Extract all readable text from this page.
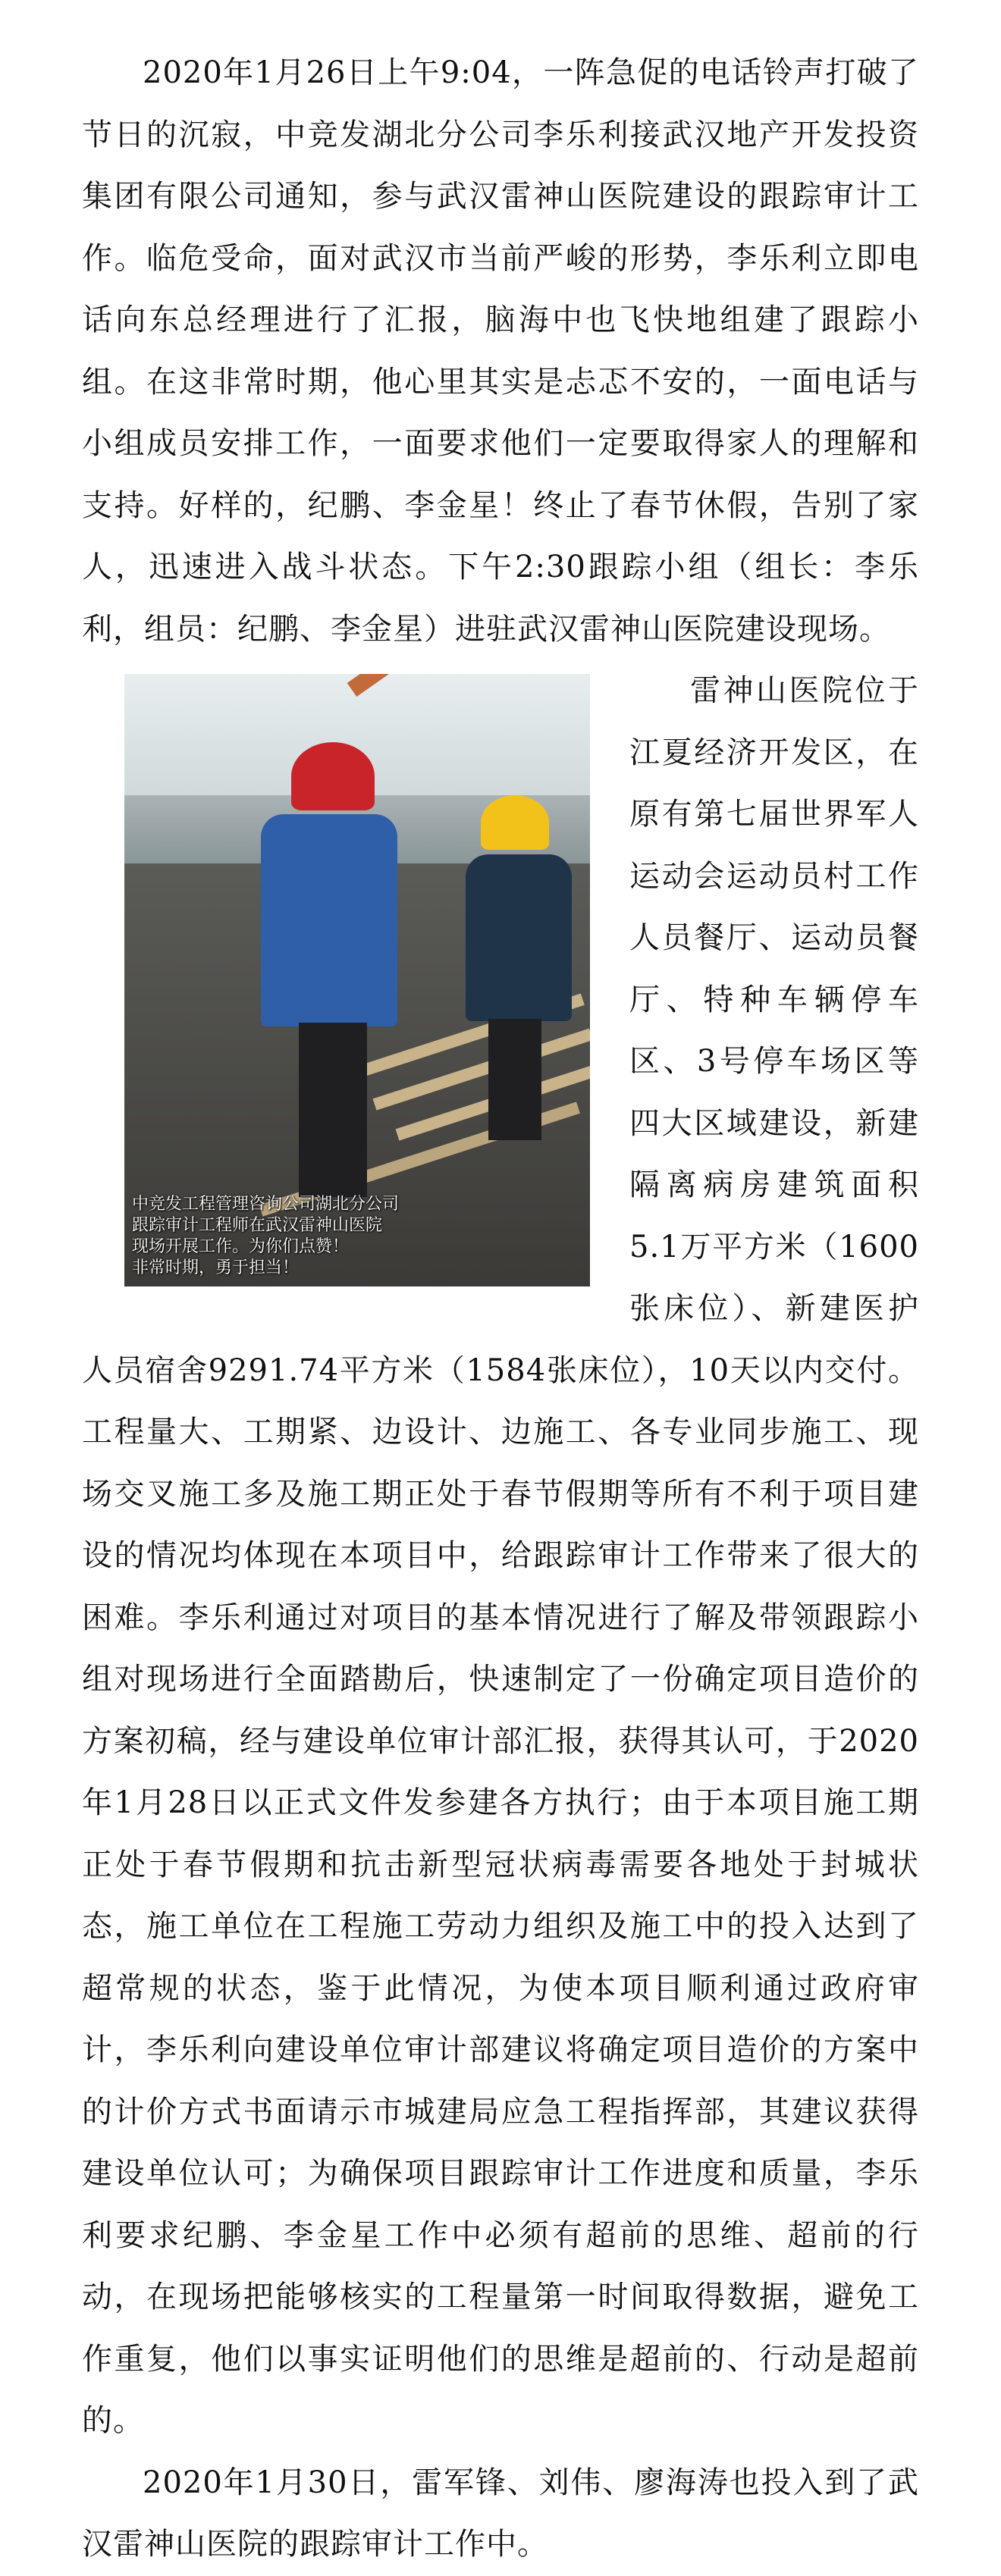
2020年1月26日上午9:04，一阵急促的电话铃声打破了节日的沉寂，中竞发湖北分公司李乐利接武汉地产开发投资集团有限公司通知，参与武汉雷神山医院建设的跟踪审计工作。临危受命，面对武汉市当前严峻的形势，李乐利立即电话向东总经理进行了汇报，脑海中也飞快地组建了跟踪小组。在这非常时期，他心里其实是忐忑不安的，一面电话与小组成员安排工作，一面要求他们一定要取得家人的理解和支持。好样的，纪鹏、李金星！终止了春节休假，告别了家人，迅速进入战斗状态。下午2:30跟踪小组（组长：李乐利，组员：纪鹏、李金星）进驻武汉雷神山医院建设现场。

中竞发工程管理咨询公司湖北分公司
跟踪审计工程师在武汉雷神山医院
现场开展工作。为你们点赞！
非常时期，勇于担当！

雷神山医院位于江夏经济开发区，在原有第七届世界军人运动会运动员村工作人员餐厅、运动员餐厅、特种车辆停车区、3号停车场区等四大区域建设，新建隔离病房建筑面积5.1万平方米（1600张床位）、新建医护人员宿舍9291.74平方米（1584张床位），10天以内交付。工程量大、工期紧、边设计、边施工、各专业同步施工、现场交叉施工多及施工期正处于春节假期等所有不利于项目建设的情况均体现在本项目中，给跟踪审计工作带来了很大的困难。李乐利通过对项目的基本情况进行了解及带领跟踪小组对现场进行全面踏勘后，快速制定了一份确定项目造价的方案初稿，经与建设单位审计部汇报，获得其认可，于2020年1月28日以正式文件发参建各方执行；由于本项目施工期正处于春节假期和抗击新型冠状病毒需要各地处于封城状态，施工单位在工程施工劳动力组织及施工中的投入达到了超常规的状态，鉴于此情况，为使本项目顺利通过政府审计，李乐利向建设单位审计部建议将确定项目造价的方案中的计价方式书面请示市城建局应急工程指挥部，其建议获得建设单位认可；为确保项目跟踪审计工作进度和质量，李乐利要求纪鹏、李金星工作中必须有超前的思维、超前的行动，在现场把能够核实的工程量第一时间取得数据，避免工作重复，他们以事实证明他们的思维是超前的、行动是超前的。

2020年1月30日，雷军锋、刘伟、廖海涛也投入到了武汉雷神山医院的跟踪审计工作中。
